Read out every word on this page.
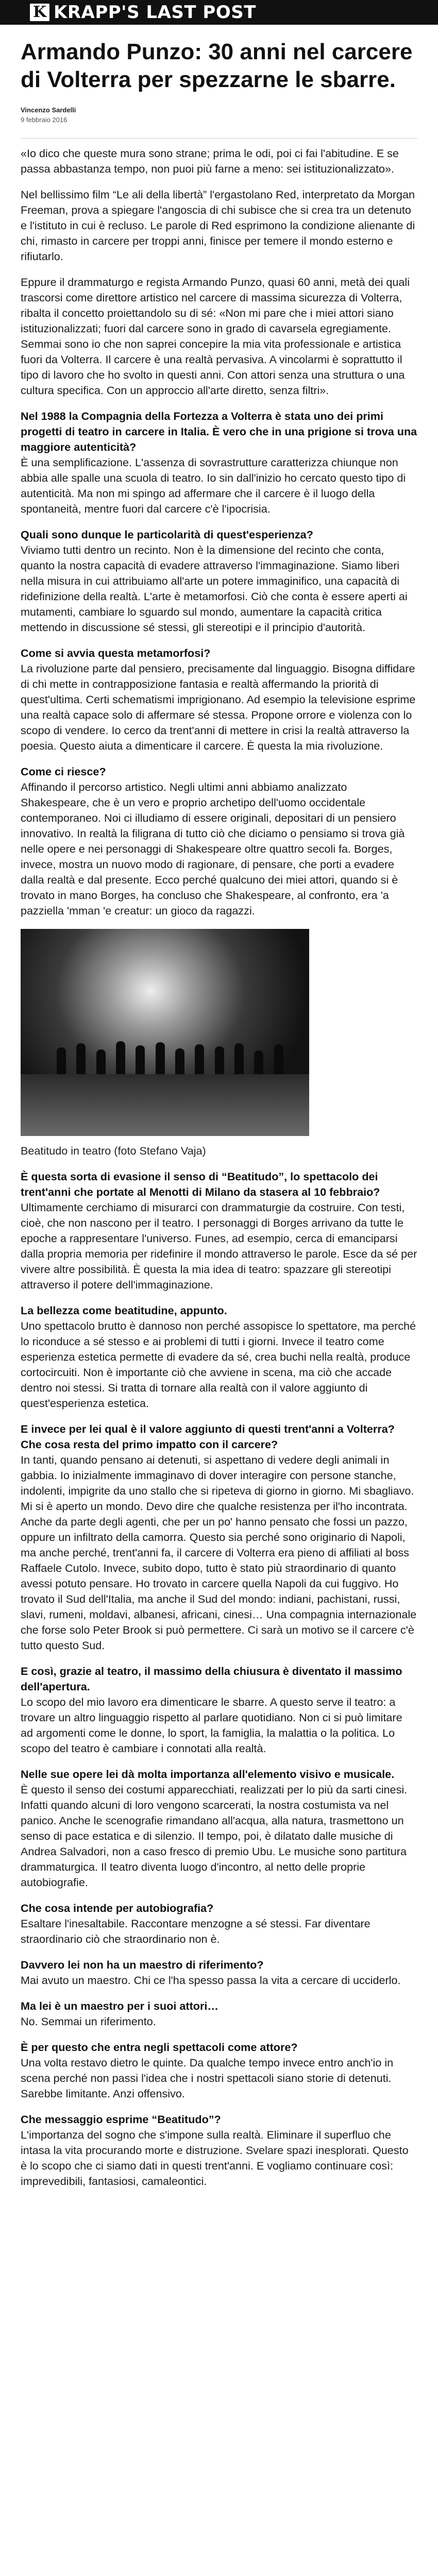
K KRAPP'S LAST POST
Armando Punzo: 30 anni nel carcere di Volterra per spezzarne le sbarre.
Vincenzo Sardelli
9 febbraio 2016

«Io dico che queste mura sono strane; prima le odi, poi ci fai l'abitudine. E se passa abbastanza tempo, non puoi più farne a meno: sei istituzionalizzato».

Nel bellissimo film “Le ali della libertà” l'ergastolano Red, interpretato da Morgan Freeman, prova a spiegare l'angoscia di chi subisce che si crea tra un detenuto e l'istituto in cui è recluso. Le parole di Red esprimono la condizione alienante di chi, rimasto in carcere per troppi anni, finisce per temere il mondo esterno e rifiutarlo.

Eppure il drammaturgo e regista Armando Punzo, quasi 60 anni, metà dei quali trascorsi come direttore artistico nel carcere di massima sicurezza di Volterra, ribalta il concetto proiettandolo su di sé: «Non mi pare che i miei attori siano istituzionalizzati; fuori dal carcere sono in grado di cavarsela egregiamente. Semmai sono io che non saprei concepire la mia vita professionale e artistica fuori da Volterra. Il carcere è una realtà pervasiva. A vincolarmi è soprattutto il tipo di lavoro che ho svolto in questi anni. Con attori senza una struttura o una cultura specifica. Con un approccio all'arte diretto, senza filtri».

Nel 1988 la Compagnia della Fortezza a Volterra è stata uno dei primi progetti di teatro in carcere in Italia. È vero che in una prigione si trova una maggiore autenticità?

È una semplificazione. L'assenza di sovrastrutture caratterizza chiunque non abbia alle spalle una scuola di teatro. Io sin dall'inizio ho cercato questo tipo di autenticità. Ma non mi spingo ad affermare che il carcere è il luogo della spontaneità, mentre fuori dal carcere c'è l'ipocrisia.

Quali sono dunque le particolarità di quest'esperienza?

Viviamo tutti dentro un recinto. Non è la dimensione del recinto che conta, quanto la nostra capacità di evadere attraverso l'immaginazione. Siamo liberi nella misura in cui attribuiamo all'arte un potere immaginifico, una capacità di ridefinizione della realtà. L'arte è metamorfosi. Ciò che conta è essere aperti ai mutamenti, cambiare lo sguardo sul mondo, aumentare la capacità critica mettendo in discussione sé stessi, gli stereotipi e il principio d'autorità.

Come si avvia questa metamorfosi?

La rivoluzione parte dal pensiero, precisamente dal linguaggio. Bisogna diffidare di chi mette in contrapposizione fantasia e realtà affermando la priorità di quest'ultima. Certi schematismi imprigionano. Ad esempio la televisione esprime una realtà capace solo di affermare sé stessa. Propone orrore e violenza con lo scopo di vendere. Io cerco da trent'anni di mettere in crisi la realtà attraverso la poesia. Questo aiuta a dimenticare il carcere. È questa la mia rivoluzione.

Come ci riesce?

Affinando il percorso artistico. Negli ultimi anni abbiamo analizzato Shakespeare, che è un vero e proprio archetipo dell'uomo occidentale contemporaneo. Noi ci illudiamo di essere originali, depositari di un pensiero innovativo. In realtà la filigrana di tutto ciò che diciamo o pensiamo si trova già nelle opere e nei personaggi di Shakespeare oltre quattro secoli fa. Borges, invece, mostra un nuovo modo di ragionare, di pensare, che porti a evadere dalla realtà e dal presente. Ecco perché qualcuno dei miei attori, quando si è trovato in mano Borges, ha concluso che Shakespeare, al confronto, era 'a pazziella 'mman 'e creatur: un gioco da ragazzi.

Beatitudo in teatro (foto Stefano Vaja)

È questa sorta di evasione il senso di “Beatitudo”, lo spettacolo dei trent'anni che portate al Menotti di Milano da stasera al 10 febbraio?

Ultimamente cerchiamo di misurarci con drammaturgie da costruire. Con testi, cioè, che non nascono per il teatro. I personaggi di Borges arrivano da tutte le epoche a rappresentare l'universo. Funes, ad esempio, cerca di emanciparsi dalla propria memoria per ridefinire il mondo attraverso le parole. Esce da sé per vivere altre possibilità. È questa la mia idea di teatro: spazzare gli stereotipi attraverso il potere dell'immaginazione.

La bellezza come beatitudine, appunto.

Uno spettacolo brutto è dannoso non perché assopisce lo spettatore, ma perché lo riconduce a sé stesso e ai problemi di tutti i giorni. Invece il teatro come esperienza estetica permette di evadere da sé, crea buchi nella realtà, produce cortocircuiti. Non è importante ciò che avviene in scena, ma ciò che accade dentro noi stessi. Si tratta di tornare alla realtà con il valore aggiunto di quest'esperienza estetica.

E invece per lei qual è il valore aggiunto di questi trent'anni a Volterra? Che cosa resta del primo impatto con il carcere?

In tanti, quando pensano ai detenuti, si aspettano di vedere degli animali in gabbia. Io inizialmente immaginavo di dover interagire con persone stanche, indolenti, impigrite da uno stallo che si ripeteva di giorno in giorno. Mi sbagliavo. Mi si è aperto un mondo. Devo dire che qualche resistenza per il'ho incontrata. Anche da parte degli agenti, che per un po' hanno pensato che fossi un pazzo, oppure un infiltrato della camorra. Questo sia perché sono originario di Napoli, ma anche perché, trent'anni fa, il carcere di Volterra era pieno di affiliati al boss Raffaele Cutolo. Invece, subito dopo, tutto è stato più straordinario di quanto avessi potuto pensare. Ho trovato in carcere quella Napoli da cui fuggivo. Ho trovato il Sud dell'Italia, ma anche il Sud del mondo: indiani, pachistani, russi, slavi, rumeni, moldavi, albanesi, africani, cinesi… Una compagnia internazionale che forse solo Peter Brook si può permettere. Ci sarà un motivo se il carcere c'è tutto questo Sud.

E così, grazie al teatro, il massimo della chiusura è diventato il massimo dell'apertura.

Lo scopo del mio lavoro era dimenticare le sbarre. A questo serve il teatro: a trovare un altro linguaggio rispetto al parlare quotidiano. Non ci si può limitare ad argomenti come le donne, lo sport, la famiglia, la malattia o la politica. Lo scopo del teatro è cambiare i connotati alla realtà.

Nelle sue opere lei dà molta importanza all'elemento visivo e musicale.

È questo il senso dei costumi apparecchiati, realizzati per lo più da sarti cinesi. Infatti quando alcuni di loro vengono scarcerati, la nostra costumista va nel panico. Anche le scenografie rimandano all'acqua, alla natura, trasmettono un senso di pace estatica e di silenzio. Il tempo, poi, è dilatato dalle musiche di Andrea Salvadori, non a caso fresco di premio Ubu. Le musiche sono partitura drammaturgica. Il teatro diventa luogo d'incontro, al netto delle proprie autobiografie.

Che cosa intende per autobiografia?

Esaltare l'inesaltabile. Raccontare menzogne a sé stessi. Far diventare straordinario ciò che straordinario non è.

Davvero lei non ha un maestro di riferimento?

Mai avuto un maestro. Chi ce l'ha spesso passa la vita a cercare di ucciderlo.

Ma lei è un maestro per i suoi attori…

No. Semmai un riferimento.

È per questo che entra negli spettacoli come attore?

Una volta restavo dietro le quinte. Da qualche tempo invece entro anch'io in scena perché non passi l'idea che i nostri spettacoli siano storie di detenuti. Sarebbe limitante. Anzi offensivo.

Che messaggio esprime “Beatitudo”?

L'importanza del sogno che s'impone sulla realtà. Eliminare il superfluo che intasa la vita procurando morte e distruzione. Svelare spazi inesplorati. Questo è lo scopo che ci siamo dati in questi trent'anni. E vogliamo continuare così: imprevedibili, fantasiosi, camaleontici.
